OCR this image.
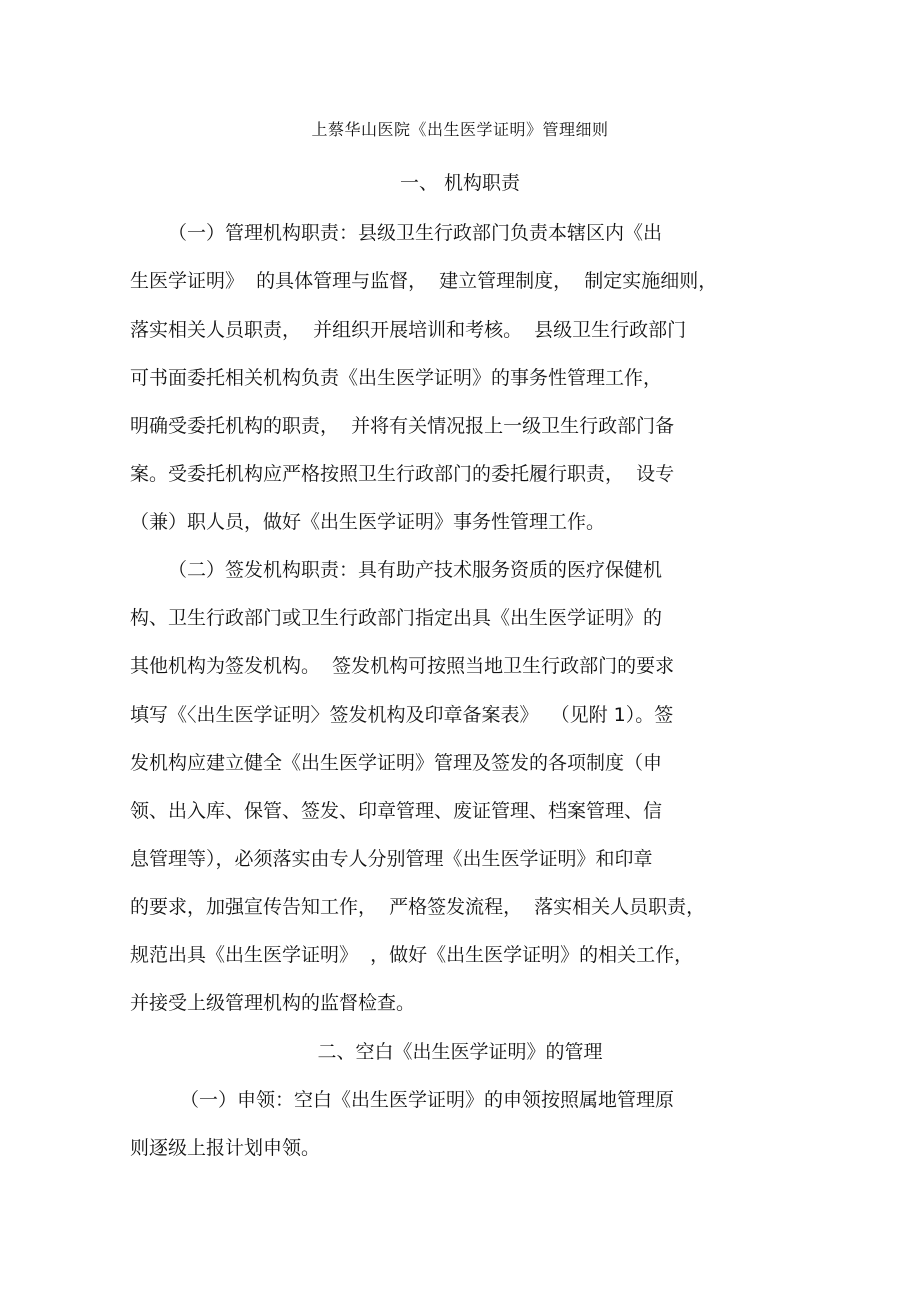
上蔡华山医院《出生医学证明》管理细则
一、 机构职责
（一）管理机构职责：县级卫生行政部门负责本辖区内《出
生医学证明》  的具体管理与监督，  建立管理制度，  制定实施细则，
落实相关人员职责，  并组织开展培训和考核。  县级卫生行政部门
可书面委托相关机构负责《出生医学证明》的事务性管理工作，
明确受委托机构的职责，  并将有关情况报上一级卫生行政部门备
案。受委托机构应严格按照卫生行政部门的委托履行职责，  设专
（兼）职人员，做好《出生医学证明》事务性管理工作。
（二）签发机构职责：具有助产技术服务资质的医疗保健机
构、卫生行政部门或卫生行政部门指定出具《出生医学证明》的
其他机构为签发机构。  签发机构可按照当地卫生行政部门的要求
填写《〈出生医学证明〉签发机构及印章备案表》  （见附 1）。签
发机构应建立健全《出生医学证明》管理及签发的各项制度（申
领、出入库、保管、签发、印章管理、废证管理、档案管理、信
息管理等），必须落实由专人分别管理《出生医学证明》和印章
的要求，加强宣传告知工作，  严格签发流程，  落实相关人员职责，
规范出具《出生医学证明》  ，做好《出生医学证明》的相关工作，
并接受上级管理机构的监督检查。
二、空白《出生医学证明》的管理
（一）申领：空白《出生医学证明》的申领按照属地管理原
则逐级上报计划申领。
